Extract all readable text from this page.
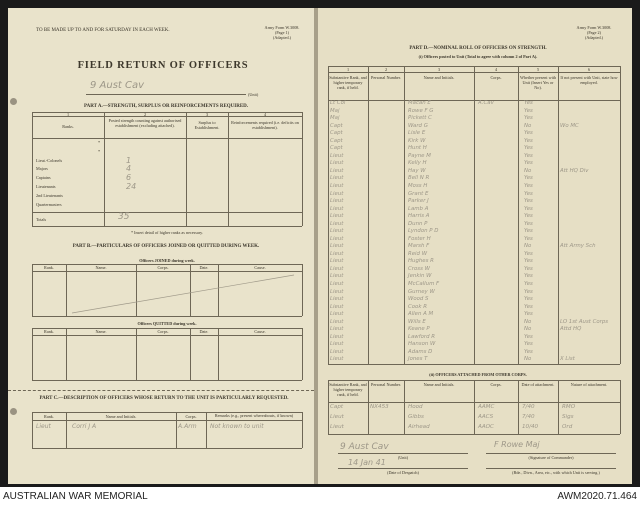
TO BE MADE UP TO AND FOR SATURDAY IN EACH WEEK.
Army Form W.3008.
(Page 1)
(Adapted.)
FIELD RETURN OF OFFICERS
9 Aust Cav
(Unit)
PART A.—STRENGTH, SURPLUS OR REINFORCEMENTS REQUIRED.
1	2	3	4
Ranks.
Posted strength counting against authorised establishment (excluding attached).
Surplus to Establishment.
Reinforcements required (i.e. deficits on establishment).
Totals	35
* Insert detail of higher ranks as necessary.
PART B.—PARTICULARS OF OFFICERS JOINED OR QUITTED DURING WEEK.
Officers JOINED during week.
Rank.	Name.	Corps.	Date.	Cause.
Officers QUITTED during week.
Rank.	Name.	Corps.	Date.	Cause.
PART C.—DESCRIPTION OF OFFICERS WHOSE RETURN TO THE UNIT IS PARTICULARLY REQUESTED.
Rank.	Name and Initials.	Corps.	Remarks (e.g., present whereabouts, if known)
Lieut	Corri J A	A.Arm Not known to unit
*
*
Lieut.-Colonels	1
Majors	4
Captains	6
Lieutenants	24
2nd Lieutenants
Quartermasters
Army Form W.3008.
(Page 2)
(Adapted.)
PART D.—NOMINAL ROLL OF OFFICERS ON STRENGTH.
(i) Officers posted to Unit (Total to agree with column 2 of Part A).
(ii) OFFICERS ATTACHED FROM OTHER CORPS.
9 Aust Cav
14 Jan 41
F Rowe Maj
(Unit)	(Signature of Commander)
(Date of Despatch)	(Bde., Divn., Area, etc., with which Unit is serving.)
1	2	3	4	5	6
Substantive Rank, and higher temporary rank, if held.
Personal Number.	Name and Initials.	Corps.	Whether present with Unit (Insert Yes or No).
If not present with Unit, state how employed.
Lt Col	Macan E	A.Cav	Yes
Maj	Rowe F G	Yes
Maj	Pickett C	Yes
Capt	Ward G	No	Wo MC
Capt	Lisle E	Yes
Capt	Kirk W	Yes
Capt	Hunt H	Yes
Lieut	Payne M	Yes
Lieut	Kelly H	Yes
Lieut	Hay W	No	Att HQ Div
Lieut	Bell N R	Yes
Lieut	Moss H	Yes
Lieut	Grant E	Yes
Lieut	Parker J	Yes
Lieut	Lamb A	Yes
Lieut	Harris A	Yes
Lieut	Dunn P	Yes
Lieut	Lyndon P D	Yes
Lieut	Foster H	Yes
Lieut	Marsh F	No	Att Army Sch
Lieut	Reid W	Yes
Lieut	Hughes R	Yes
Lieut	Cross W	Yes
Lieut	Jenkin W	Yes
Lieut	McCallum F	Yes
Lieut	Gurney W	Yes
Lieut	Wood S	Yes
Lieut	Cook R	Yes
Lieut	Allen A M	Yes
Lieut	Wills E	No	LO 1st Aust Corps
Lieut	Keane P	No	Attd HQ
Lieut	Lawford R	Yes
Lieut	Hanson W	Yes
Lieut	Adams D	Yes
Lieut	Jones T	No	X List
Substantive Rank, and higher temporary rank, if held.
Personal Number.	Name and Initials.	Corps.	Date of attachment.	Nature of attachment.
Capt	NX453	Hood	AAMC	7/40	RMO
Lieut	Gibbs	AACS	7/40	Sigs
Lieut	Airhead	AAOC	10/40	Ord
AUSTRALIAN WAR MEMORIAL	AWM2020.71.464
